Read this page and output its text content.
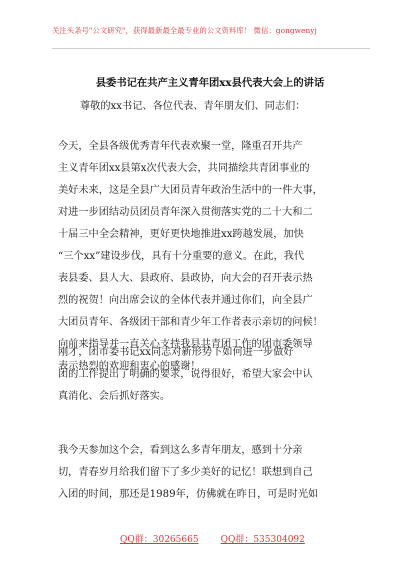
关注头条号"公文研究"，获得最新最全最专业的公文资料库！ 微信：gongwenyj
县委书记在共产主义青年团xx县代表大会上的讲话
尊敬的xx书记、各位代表、青年朋友们、同志们：
今天，全县各级优秀青年代表欢聚一堂，隆重召开共产
主义青年团xx县第x次代表大会，共同描绘共青团事业的
美好未来，这是全县广大团员青年政治生活中的一件大事，
对进一步团结动员团员青年深入贯彻落实党的二十大和二
十届三中全会精神，更好更快地推进xx跨越发展，加快
“三个xx”建设步伐，具有十分重要的意义。在此，我代
表县委、县人大、县政府、县政协，向大会的召开表示热
烈的祝贺！向出席会议的全体代表并通过你们，向全县广
大团员青年、各级团干部和青少年工作者表示亲切的问候！
向前来指导并一直关心支持我县共青团工作的团市委领导
表示热烈的欢迎和衷心的感谢！
刚才，团市委书记xx同志对新形势下如何进一步做好
团的工作提出了明确的要求，说得很好，希望大家会中认
真消化、会后抓好落实。
我今天参加这个会，看到这么多青年朋友，感到十分亲
切，青春岁月给我们留下了多少美好的记忆！联想到自己
入团的时间，那还是1989年，仿佛就在昨日，可是时光如
QQ群：30265665 QQ群：535304092
